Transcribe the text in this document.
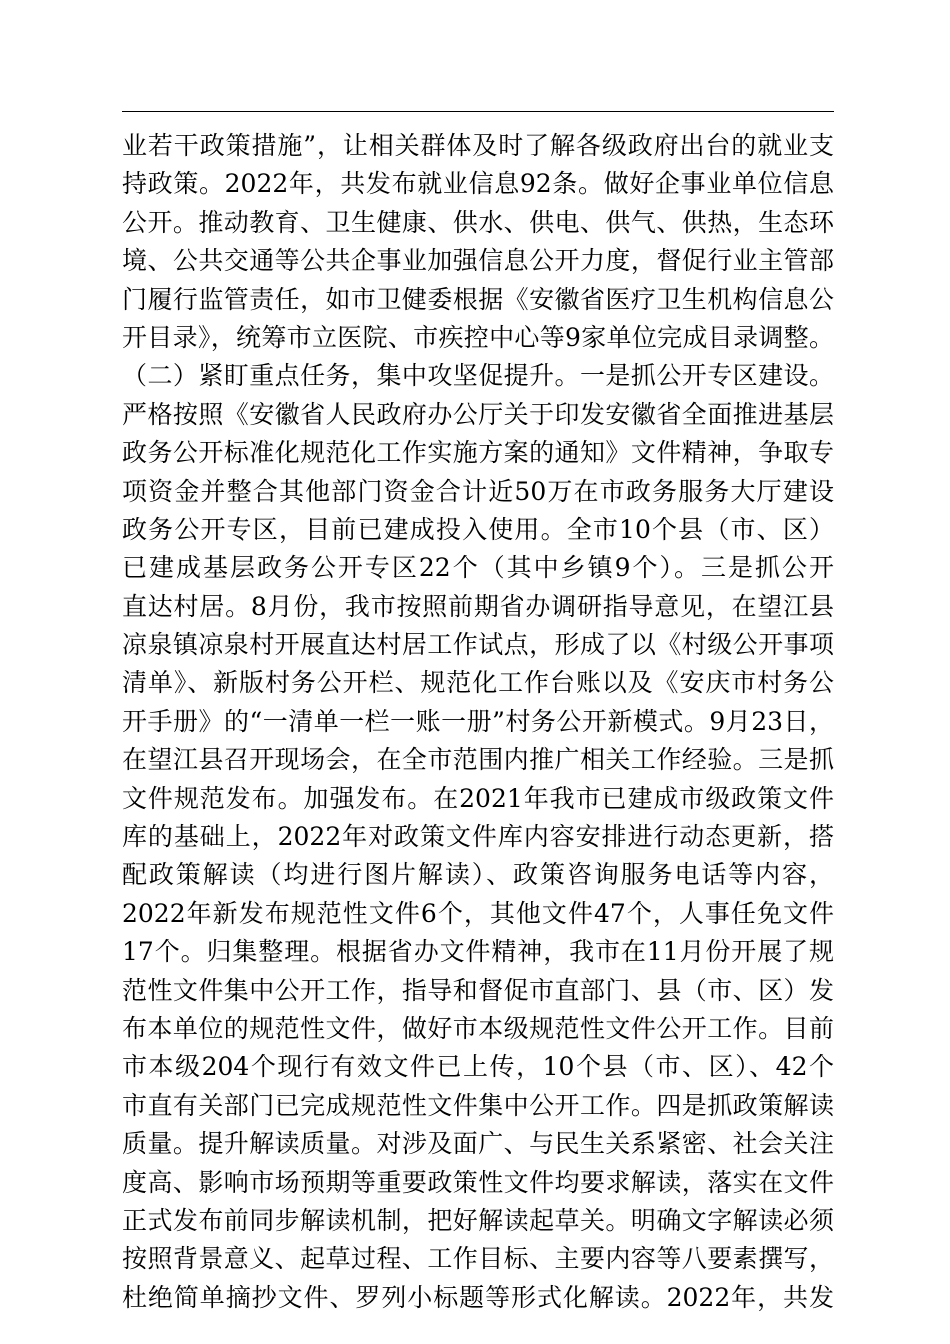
业若干政策措施”，让相关群体及时了解各级政府出台的就业支
持政策。2022年，共发布就业信息92条。做好企事业单位信息
公开。推动教育、卫生健康、供水、供电、供气、供热，生态环
境、公共交通等公共企事业加强信息公开力度，督促行业主管部
门履行监管责任，如市卫健委根据《安徽省医疗卫生机构信息公
开目录》，统筹市立医院、市疾控中心等9家单位完成目录调整。
（二）紧盯重点任务，集中攻坚促提升。一是抓公开专区建设。
严格按照《安徽省人民政府办公厅关于印发安徽省全面推进基层
政务公开标准化规范化工作实施方案的通知》文件精神，争取专
项资金并整合其他部门资金合计近50万在市政务服务大厅建设
政务公开专区，目前已建成投入使用。全市10个县（市、区）
已建成基层政务公开专区22个（其中乡镇9个）。三是抓公开
直达村居。8月份，我市按照前期省办调研指导意见，在望江县
凉泉镇凉泉村开展直达村居工作试点，形成了以《村级公开事项
清单》、新版村务公开栏、规范化工作台账以及《安庆市村务公
开手册》的“一清单一栏一账一册”村务公开新模式。9月23日，
在望江县召开现场会，在全市范围内推广相关工作经验。三是抓
文件规范发布。加强发布。在2021年我市已建成市级政策文件
库的基础上，2022年对政策文件库内容安排进行动态更新，搭
配政策解读（均进行图片解读）、政策咨询服务电话等内容，
2022年新发布规范性文件6个，其他文件47个，人事任免文件
17个。归集整理。根据省办文件精神，我市在11月份开展了规
范性文件集中公开工作，指导和督促市直部门、县（市、区）发
布本单位的规范性文件，做好市本级规范性文件公开工作。目前
市本级204个现行有效文件已上传，10个县（市、区）、42个
市直有关部门已完成规范性文件集中公开工作。四是抓政策解读
质量。提升解读质量。对涉及面广、与民生关系紧密、社会关注
度高、影响市场预期等重要政策性文件均要求解读，落实在文件
正式发布前同步解读机制，把好解读起草关。明确文字解读必须
按照背景意义、起草过程、工作目标、主要内容等八要素撰写，
杜绝简单摘抄文件、罗列小标题等形式化解读。2022年，共发
